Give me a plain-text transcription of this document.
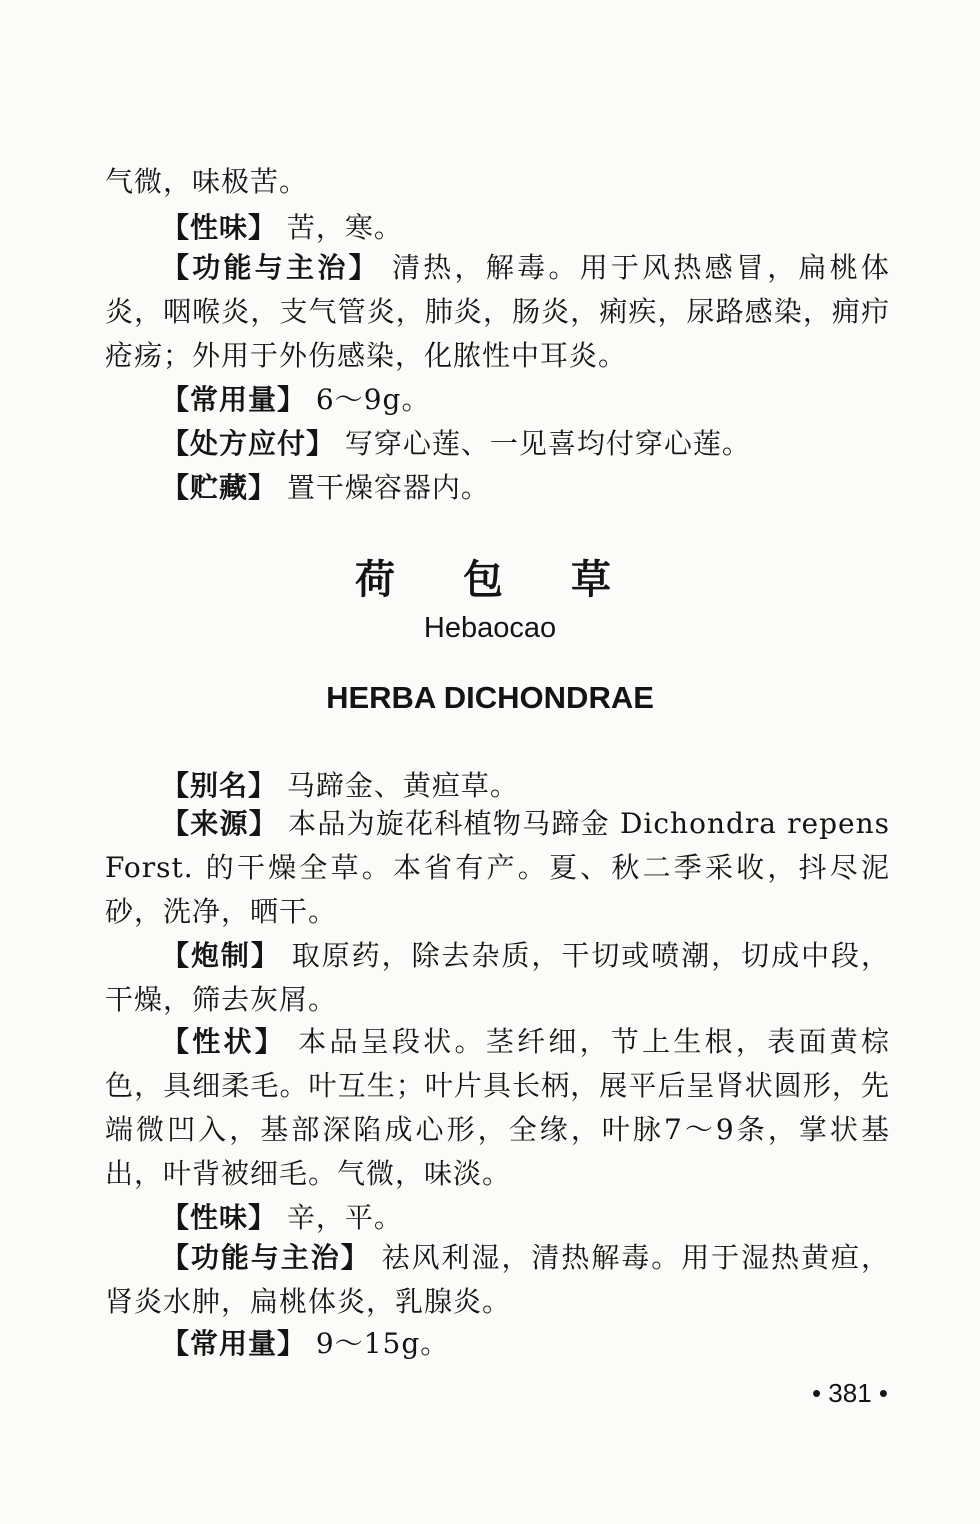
气微，味极苦。
【性味】 苦，寒。
【功能与主治】 清热，解毒。用于风热感冒，扁桃体炎，咽喉炎，支气管炎，肺炎，肠炎，痢疾，尿路感染，痈疖疮疡；外用于外伤感染，化脓性中耳炎。
【常用量】 6～9g。
【处方应付】 写穿心莲、一见喜均付穿心莲。
【贮藏】 置干燥容器内。
荷包草
Hebaocao
HERBA DICHONDRAE
【别名】 马蹄金、黄疸草。
【来源】 本品为旋花科植物马蹄金 Dichondra repens Forst. 的干燥全草。本省有产。夏、秋二季采收，抖尽泥砂，洗净，晒干。
【炮制】 取原药，除去杂质，干切或喷潮，切成中段，干燥，筛去灰屑。
【性状】 本品呈段状。茎纤细，节上生根，表面黄棕色，具细柔毛。叶互生；叶片具长柄，展平后呈肾状圆形，先端微凹入，基部深陷成心形，全缘，叶脉7～9条，掌状基出，叶背被细毛。气微，味淡。
【性味】 辛，平。
【功能与主治】 祛风利湿，清热解毒。用于湿热黄疸，肾炎水肿，扁桃体炎，乳腺炎。
【常用量】 9～15g。
• 381 •
